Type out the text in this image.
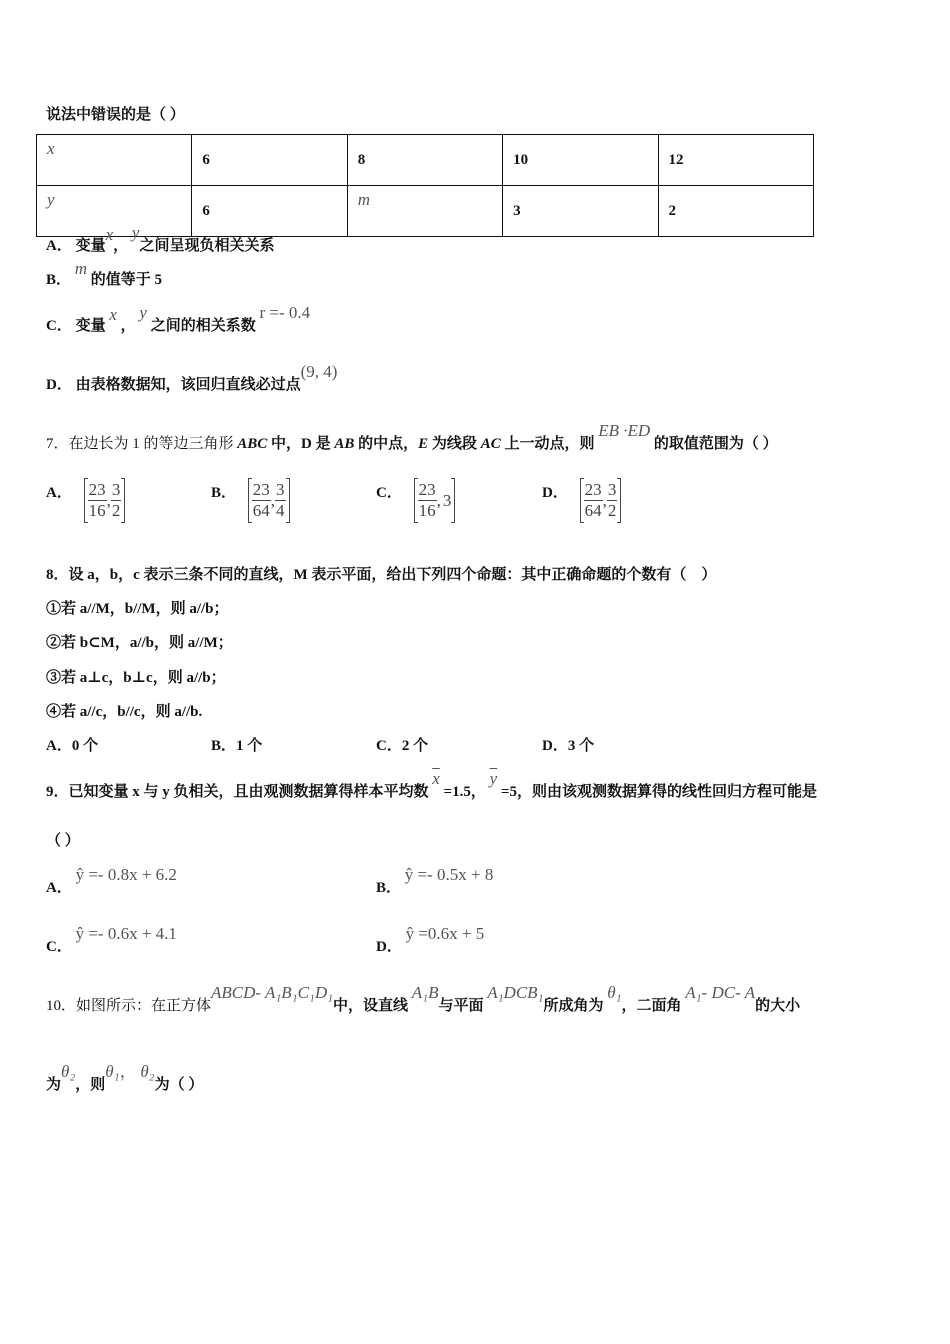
说法中错误的是（ ）
x	6	8	10	12
y	6	m	3	2
A． 变量x， y之间呈现负相关关系
B． m 的值等于 5
C． 变量 x ， y 之间的相关系数 r =- 0.4
D． 由表格数据知，该回归直线必过点(9, 4)
7．在边长为 1 的等边三角形 ABC 中，D 是 AB 的中点，E 为线段 AC 上一动点，则 EB ·ED 的取值范围为（ ）
A． $\frac{23}{16}$ , $\frac{3}{2}$	B． $\frac{23}{64}$ , $\frac{3}{4}$	C． $\frac{23}{16}$ , 3	D． $\frac{23}{64}$ , $\frac{3}{2}$
8．设 a，b，c 表示三条不同的直线，M 表示平面，给出下列四个命题：其中正确命题的个数有（　）
①若 a//M，b//M，则 a//b；
②若 b⊂M，a//b，则 a//M；
③若 a⊥c，b⊥c，则 a//b；
④若 a//c，b//c，则 a//b.
A．0 个	B．1 个	C．2 个	D．3 个
9．已知变量 x 与 y 负相关，且由观测数据算得样本平均数 $\overline{x} =1.5$， $\overline{y} =5$，则由该观测数据算得的线性回归方程可能是
（ ）
A． ŷ =- 0.8x + 6.2
B． ŷ =- 0.5x + 8
C． ŷ =- 0.6x + 4.1
D． ŷ =0.6x + 5
10．如图所示：在正方体ABCD- A₁B₁C₁D₁中，设直线 A₁B与平面 A₁DCB₁所成角为 θ₁，二面角 A₁- DC- A的大小
为θ₂，则θ₁， θ₂为（ ）
